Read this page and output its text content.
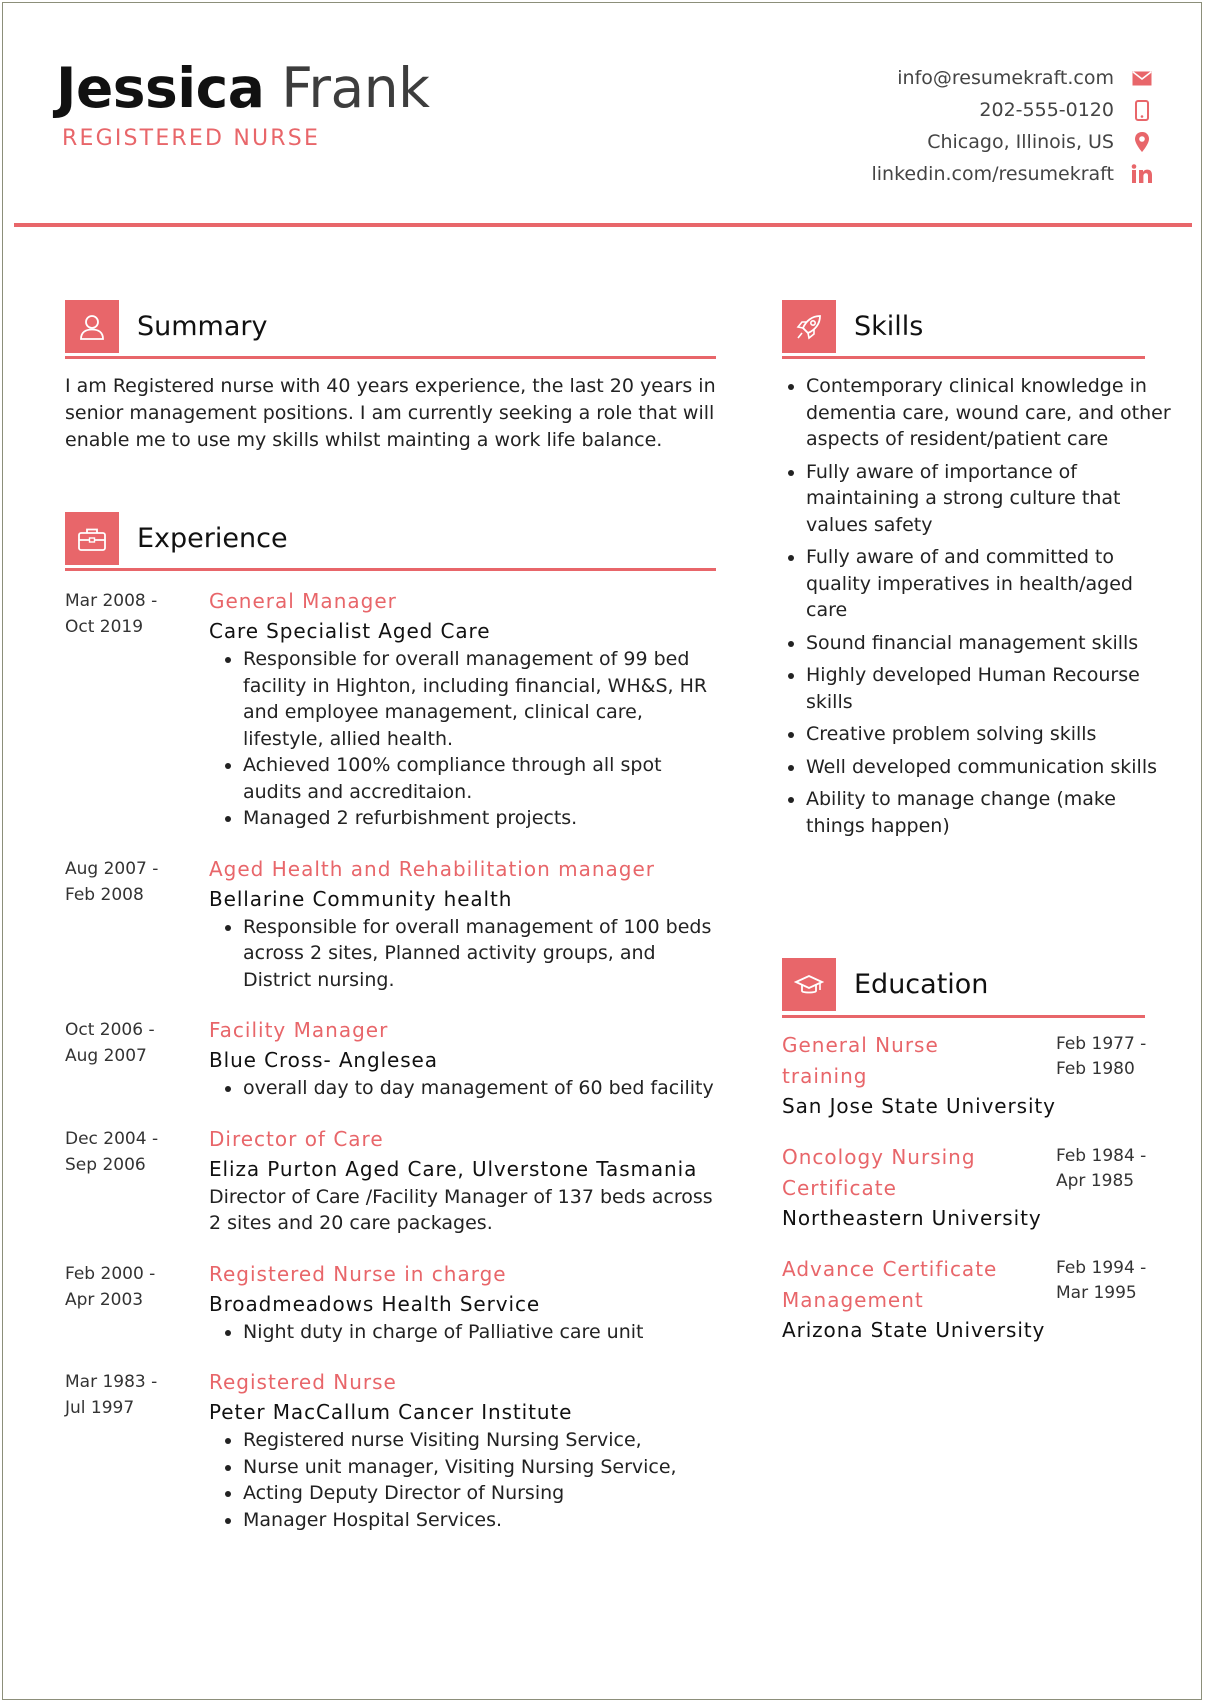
Jessica Frank
REGISTERED NURSE
info@resumekraft.com
202-555-0120
Chicago, Illinois, US
linkedin.com/resumekraft
Summary
I am Registered nurse with 40 years experience, the last 20 years in senior management positions. I am currently seeking a role that will enable me to use my skills whilst mainting a work life balance.
Experience
Mar 2008 -
Oct 2019
General Manager
Care Specialist Aged Care
• Responsible for overall management of 99 bed facility in Highton, including financial, WH&S, HR and employee management, clinical care, lifestyle, allied health.
• Achieved 100% compliance through all spot audits and accreditaion.
• Managed 2 refurbishment projects.
Aug 2007 -
Feb 2008
Aged Health and Rehabilitation manager
Bellarine Community health
• Responsible for overall management of 100 beds across 2 sites, Planned activity groups, and District nursing.
Oct 2006 -
Aug 2007
Facility Manager
Blue Cross- Anglesea
• overall day to day management of 60 bed facility
Dec 2004 -
Sep 2006
Director of Care
Eliza Purton Aged Care, Ulverstone Tasmania
Director of Care /Facility Manager of 137 beds across 2 sites and 20 care packages.
Feb 2000 -
Apr 2003
Registered Nurse in charge
Broadmeadows Health Service
• Night duty in charge of Palliative care unit
Mar 1983 -
Jul 1997
Registered Nurse
Peter MacCallum Cancer Institute
• Registered nurse Visiting Nursing Service,
• Nurse unit manager, Visiting Nursing Service,
• Acting Deputy Director of Nursing
• Manager Hospital Services.
Skills
• Contemporary clinical knowledge in dementia care, wound care, and other aspects of resident/patient care
• Fully aware of importance of maintaining a strong culture that values safety
• Fully aware of and committed to quality imperatives in health/aged care
• Sound financial management skills
• Highly developed Human Recourse skills
• Creative problem solving skills
• Well developed communication skills
• Ability to manage change (make things happen)
Education
General Nurse training
Feb 1977 -
Feb 1980
San Jose State University
Oncology Nursing Certificate
Feb 1984 -
Apr 1985
Northeastern University
Advance Certificate Management
Feb 1994 -
Mar 1995
Arizona State University
